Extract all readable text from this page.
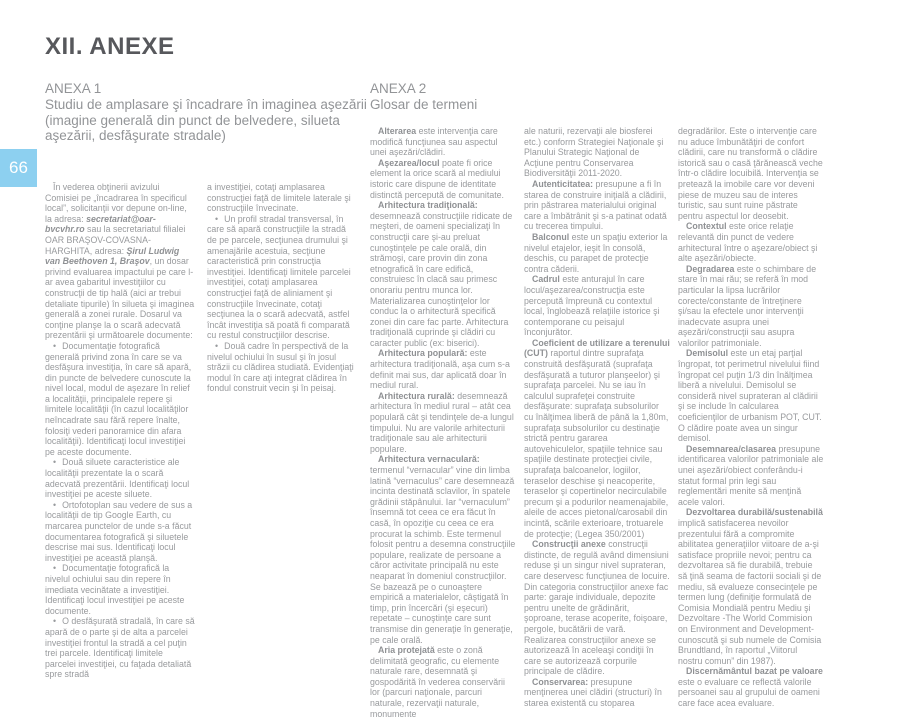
XII. ANEXE
66
ANEXA 1
Studiu de amplasare şi încadrare în imaginea aşezării (imagine generală din punct de belvedere, silueta aşezării, desfăşurate stradale)

În vederea obţinerii avizului Comisiei pe „încadrarea în specificul local”, solicitanţii vor depune on-line, la adresa: secretariat@oar-bvcvhr.ro sau la secretariatul filialei OAR BRAŞOV-COVASNA-HARGHITA, adresa: Şirul Ludwig van Beethoven 1, Braşov, un dosar privind evaluarea impactului pe care l-ar avea gabaritul investiţiilor cu construcţii de tip hală (aici ar trebui detaliate tipurile) în silueta şi imaginea generală a zonei rurale. Dosarul va conţine planşe la o scară adecvată prezentării şi următoarele documente:

• Documentaţie fotografică generală privind zona în care se va desfăşura investiţia, în care să apară, din puncte de belvedere cunoscute la nivel local, modul de aşezare în relief a localităţii, principalele repere şi limitele localităţii (în cazul localităţilor neîncadrate sau fără repere înalte, folosiţi vederi panoramice din afara localităţii). Identificaţi locul investiţiei pe aceste documente.

• Două siluete caracteristice ale localităţii prezentate la o scară adecvată prezentării. Identificaţi locul investiţiei pe aceste siluete.

• Ortofotoplan sau vedere de sus a localităţii de tip Google Earth, cu marcarea punctelor de unde s-a făcut documentarea fotografică şi siluetele descrise mai sus. Identificaţi locul investiţiei pe această planşă.

• Documentaţie fotografică la nivelul ochiului sau din repere în imediata vecinătate a investiţiei. Identificaţi locul investiţiei pe aceste documente.

• O desfăşurată stradală, în care să apară de o parte şi de alta a parcelei investiţiei frontul la stradă a cel puţin trei parcele. Identificaţi limitele parcelei investiţiei, cu faţada detaliată spre stradă

a investiţiei, cotaţi amplasarea construcţiei faţă de limitele laterale şi construcţiile învecinate.

• Un profil stradal transversal, în care să apară construcţiile la stradă de pe parcele, secţiunea drumului şi amenajările acestuia, secţiune caracteristică prin construcţia investiţiei. Identificaţi limitele parcelei investiţiei, cotaţi amplasarea construcţiei faţă de aliniament şi construcţiile învecinate, cotaţi secţiunea la o scară adecvată, astfel încât investiţia să poată fi comparată cu restul construcţiilor descrise.

• Două cadre în perspectivă de la nivelul ochiului în susul şi în josul străzii cu clădirea studiată. Evidenţiaţi modul în care aţi integrat clădirea în fondul construit vecin şi în peisaj.

ANEXA 2
Glosar de termeni

Alterarea este intervenţia care modifică funcţiunea sau aspectul unei aşezări/clădiri.

Aşezarea/locul poate fi orice element la orice scară al mediului istoric care dispune de identitate distinctă percepută de comunitate.

Arhitectura tradiţională: desemnează construcţiile ridicate de meşteri, de oameni specializaţi în construcţii care şi-au preluat cunoştinţele pe cale orală, din strămoşi, care provin din zona etnografică în care edifică, construiesc în clacă sau primesc onorariu pentru munca lor. Materializarea cunoştinţelor lor conduc la o arhitectură specifică zonei din care fac parte. Arhitectura tradiţională cuprinde şi clădiri cu caracter public (ex: biserici).

Arhitectura populară: este arhitectura tradiţională, aşa cum s-a definit mai sus, dar aplicată doar în mediul rural.

Arhitectura rurală: desemnează arhitectura în mediul rural – atât cea populară cât şi tendinţele de-a lungul timpului. Nu are valorile arhitecturii tradiţionale sau ale arhitecturii populare.

Arhitectura vernaculară: termenul “vernacular” vine din limba latină “vernaculus” care desemnează incinta destinată sclavilor, în spatele grădinii stăpânului. Iar “vernaculum” însemnă tot ceea ce era făcut în casă, în opoziţie cu ceea ce era procurat la schimb. Este termenul folosit pentru a desemna construcţiile populare, realizate de persoane a căror activitate principală nu este neaparat în domeniul construcţiilor. Se bazează pe o cunoaştere empirică a materialelor, câştigată în timp, prin încercări (şi eşecuri) repetate – cunoştinţe care sunt transmise din generaţie în generaţie, pe cale orală.

Aria protejată este o zonă delimitată geografic, cu elemente naturale rare, desemnată şi gospodărită în vederea conservării lor (parcuri naţionale, parcuri naturale, rezervaţii naturale, monumente

ale naturii, rezervaţii ale biosferei etc.) conform Strategiei Naţionale şi Planului Strategic Naţional de Acţiune pentru Conservarea Biodiversităţii 2011-2020.

Autenticitatea: presupune a fi în starea de construire iniţială a clădirii, prin păstrarea materialului original care a îmbătrânit şi s-a patinat odată cu trecerea timpului.

Balconul este un spaţiu exterior la nivelul etajelor, ieşit în consolă, deschis, cu parapet de protecţie contra căderii.

Cadrul este anturajul în care locul/aşezarea/construcţia este percepută împreună cu contextul local, înglobează relaţiile istorice şi contemporane cu peisajul înconjurător.

Coeficient de utilizare a terenului (CUT) raportul dintre suprafaţa construită desfăşurată (suprafaţa desfăşurată a tuturor planşeelor) şi suprafaţa parcelei. Nu se iau în calculul suprafeţei construite desfăşurate: suprafaţa subsolurilor cu înălţimea liberă de până la 1,80m, suprafaţa subsolurilor cu destinaţie strictă pentru gararea autovehiculelor, spaţiile tehnice sau spaţiile destinate protecţiei civile, suprafaţa balcoanelor, logiilor, teraselor deschise şi neacoperite, teraselor şi copertinelor necirculabile precum şi a podurilor neamenajabile, aleile de acces pietonal/carosabil din incintă, scările exterioare, trotuarele de protecţie; (Legea 350/2001)

Construcţii anexe construcţii distincte, de regulă având dimensiuni reduse şi un singur nivel suprateran, care deservesc funcţiunea de locuire. Din categoria construcţiilor anexe fac parte: garaje individuale, depozite pentru unelte de grădinărit, şoproane, terase acoperite, foişoare, pergole, bucătării de vară. Realizarea construcţiilor anexe se autorizează în aceleaşi condiţii în care se autorizează corpurile principale de clădire.

Conservarea: presupune menţinerea unei clădiri (structuri) în starea existentă cu stoparea

degradărilor. Este o intervenţie care nu aduce îmbunătăţiri de confort clădirii, care nu transformă o clădire istorică sau o casă ţărănească veche într-o clădire locuibilă. Intervenţia se pretează la imobile care vor deveni piese de muzeu sau de interes turistic, sau sunt ruine păstrate pentru aspectul lor deosebit.

Contextul este orice relaţie relevantă din punct de vedere arhitectural între o aşezare/obiect şi alte aşezări/obiecte.

Degradarea este o schimbare de stare în mai rău; se referă în mod particular la lipsa lucrărilor corecte/constante de întreţinere şi/sau la efectele unor intervenţii inadecvate asupra unei aşezări/construcţii sau asupra valorilor patrimoniale.

Demisolul este un etaj parţial îngropat, tot perimetrul nivelului fiind îngropat cel puţin 1/3 din înălţimea liberă a nivelului. Demisolul se consideră nivel suprateran al clădirii şi se include în calcularea coeficienţilor de urbanism POT, CUT. O clădire poate avea un singur demisol.

Desemnarea/clasarea presupune identificarea valorilor patrimoniale ale unei aşezări/obiect conferându-i statut formal prin legi sau reglementări menite să menţină acele valori.

Dezvoltarea durabilă/sustenabilă implică satisfacerea nevoilor prezentului fără a compromite abilitatea generaţiilor viitoare de a-şi satisface propriile nevoi; pentru ca dezvoltarea să fie durabilă, trebuie să ţină seama de factorii sociali şi de mediu, să evalueze consecinţele pe termen lung (definiţie formulată de Comisia Mondială pentru Mediu şi Dezvoltare -The World Commision on Environment and Development- cunoscută şi sub numele de Comisia Brundtland, în raportul „Viitorul nostru comun” din 1987).

Discernământul bazat pe valoare este o evaluare ce reflectă valorile persoanei sau al grupului de oameni care face acea evaluare.
